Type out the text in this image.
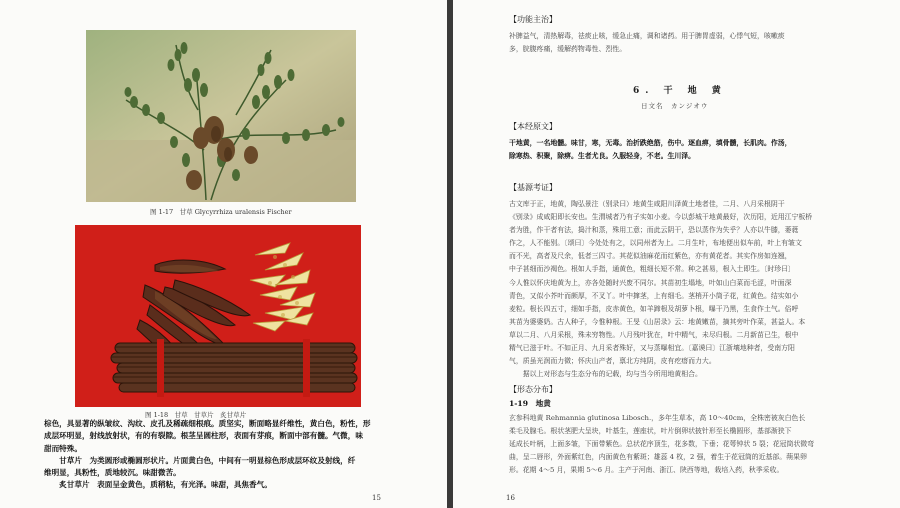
图 1-17　甘草 Glycyrrhiza uralensis Fischer
图 1-18　甘草　甘草片　炙甘草片
棕色，具显著的纵皱纹、沟纹、皮孔及稀疏细根痕。质坚实，断面略显纤维性，黄白色，粉性，形
成层环明显，射线放射状，有的有裂隙。根茎呈圆柱形，表面有芽痕，断面中部有髓。气微，味
甜而特殊。
　　甘草片　为类圆形或椭圆形状片。片面黄白色，中间有一明显棕色形成层环纹及射线，纤
维明显，具粉性，质地较沉。味甜微苦。
　　炙甘草片　表面呈金黄色，质稍粘，有光泽。味甜，具焦香气。
15
【功能主治】

补脾益气，清热解毒，祛痰止咳，缓急止痛，调和诸药。用于脾胃虚弱，心悸气短，咳嗽痰

多，脘腹疼痛，缓解药物毒性、烈性。

6. 干 地 黄
日文名　カンジオウ
【本经原文】

干地黄，一名地髓。味甘，寒，无毒。治折跌绝筋，伤中。逐血痹，填骨髓，长肌肉。作汤，

除寒热、积聚，除痹。生者尤良。久服轻身，不老。生川泽。

【基源考证】

古文库于正，地黄，陶弘景注（别录曰）地黄生咸阳川泽黄土地者佳，二月、八月采根阴干

《别录》成咸阳即长安也。生渭城者乃有子实如小麦。今以彭城干地黄最好，次历阳，近用江宁板桥

者为胜，作干者有法，捣汁和蒸，殊用工意；而此云阴干，恐以蒸作为失乎？人亦以牛膝，萎蕤

作之，人不能别。〔颂曰〕今处处有之，以同州者为上。二月生叶，布地便出似车前，叶上有皱文

而不光，高者及尺余，低者三四寸。其花似油麻花而红紫色，亦有黄花者。其实作房如连翘，

中子甚细而沙褐色。根如人手指，通黄色，粗细长短不常。种之甚易，根入土即生。〔时珍曰〕

今人惟以怀庆地黄为上，亦各处随时兴废不同尔。其苗初生塌地，叶如山白菜而毛涩，叶面深

青色，又似小芥叶而颇厚，不叉丫。叶中撺茎，上有细毛。茎梢开小筒子花，红黄色。结实如小

麦粒。根长四五寸，细如手指，皮赤黄色，如羊蹄根及胡萝卜根，曝干乃黑，生食作土气。俗呼

其苗为婆婆奶。古人种子，今惟种根。王旻《山居录》云：地黄嫩苗，摘其旁叶作菜，甚益人。本

草以二月、八月采根，殊未穷物性。八月残叶犹在，叶中精气，未尽归根。二月新苗已生，根中

精气已滋于叶。不如正月、九月采者殊好，又与蒸曝相宜。〔嘉谟曰〕江浙壤地种者，受南方阳

气，质虽光润而力微；怀庆山产者，禀北方纯阴，皮有疙瘩而力大。

　　据以上对形态与生态分布的记载，均与当今所用地黄相合。

【形态分布】
1-19　地黄

玄参科地黄 Rehmannia glutinosa Libosch.，多年生草本，高 10～40cm，全株密被灰白色长

柔毛及腺毛。根状茎肥大呈块，叶基生，莲座状，叶片倒卵状披针形至长椭圆形，基部渐狭下

延成长叶柄，上面多皱，下面带紫色。总状花序顶生，花多数，下垂；花萼钟状 5 裂；花冠筒状微弯

曲，呈二唇形，外面紫红色，内面黄色有紫斑；雄蕊 4 枚，2 强，着生于花冠筒的近基部。蒴果卵

形。花期 4～5 月，果期 5～6 月。主产于河南、浙江、陕西等地，栽培入药，秋季采收。

16
